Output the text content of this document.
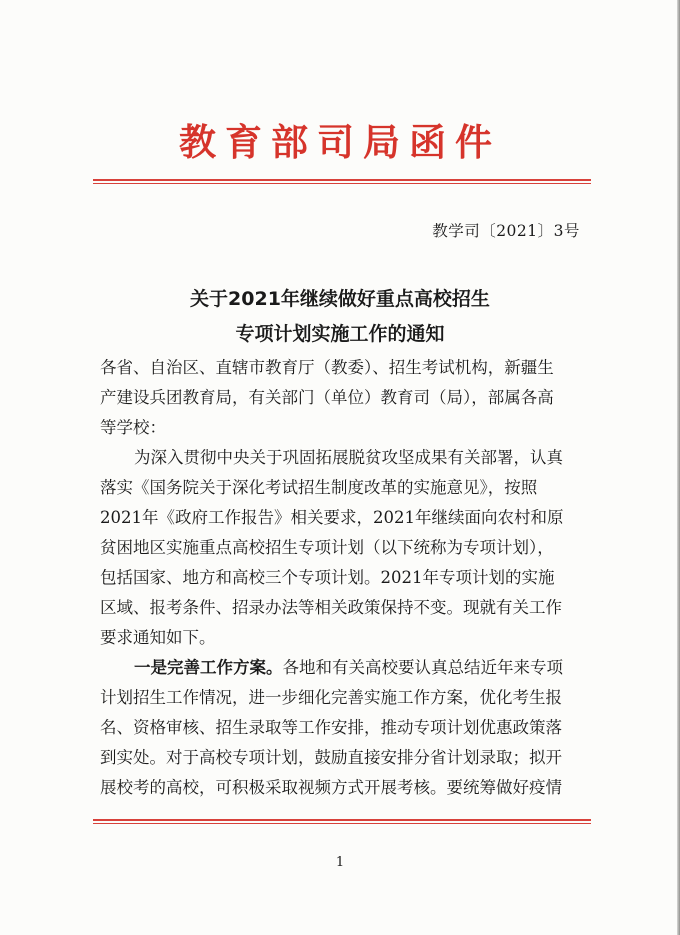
教育部司局函件
教学司〔2021〕3号
关于2021年继续做好重点高校招生
专项计划实施工作的通知
各省、自治区、直辖市教育厅（教委）、招生考试机构，新疆生
产建设兵团教育局，有关部门（单位）教育司（局），部属各高
等学校：
为深入贯彻中央关于巩固拓展脱贫攻坚成果有关部署，认真
落实《国务院关于深化考试招生制度改革的实施意见》，按照
2021年《政府工作报告》相关要求，2021年继续面向农村和原
贫困地区实施重点高校招生专项计划（以下统称为专项计划），
包括国家、地方和高校三个专项计划。2021年专项计划的实施
区域、报考条件、招录办法等相关政策保持不变。现就有关工作
要求通知如下。
一是完善工作方案。 各地和有关高校要认真总结近年来专项
计划招生工作情况，进一步细化完善实施工作方案，优化考生报
名、资格审核、招生录取等工作安排，推动专项计划优惠政策落
到实处。对于高校专项计划，鼓励直接安排分省计划录取；拟开
展校考的高校，可积极采取视频方式开展考核。要统筹做好疫情
1
